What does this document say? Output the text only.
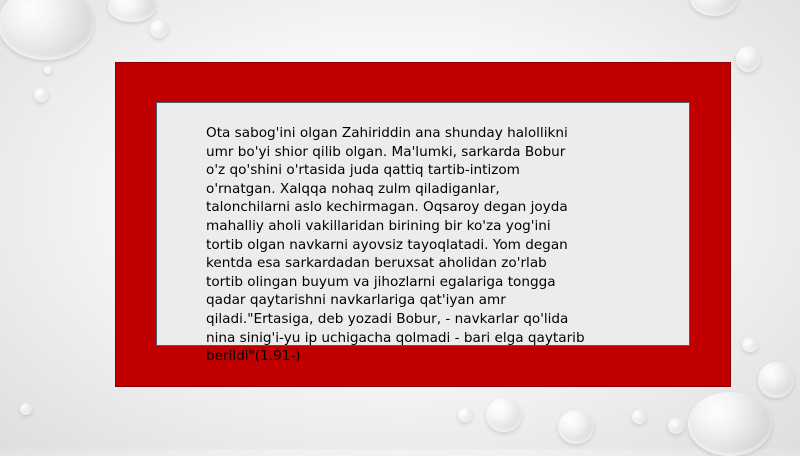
Ota sabog'ini olgan Zahiriddin ana shunday halollikni
umr bo'yi shior qilib olgan. Ma'lumki, sarkarda Bobur
o'z qo'shini o'rtasida juda qattiq tartib-intizom
o'rnatgan. Xalqqa nohaq zulm qiladiganlar,
talonchilarni aslo kechirmagan. Oqsaroy degan joyda
mahalliy aholi vakillaridan birining bir ko'za yog'ini
tortib olgan navkarni ayovsiz tayoqlatadi. Yom degan
kentda esa sarkardadan beruxsat aholidan zo'rlab
tortib olingan buyum va jihozlarni egalariga tongga
qadar qaytarishni navkarlariga qat'iyan amr
qiladi."Ertasiga, deb yozadi Bobur, - navkarlar qo'lida
nina sinig'i-yu ip uchigacha qolmadi - bari elga qaytarib
berildi"(1.91-)
